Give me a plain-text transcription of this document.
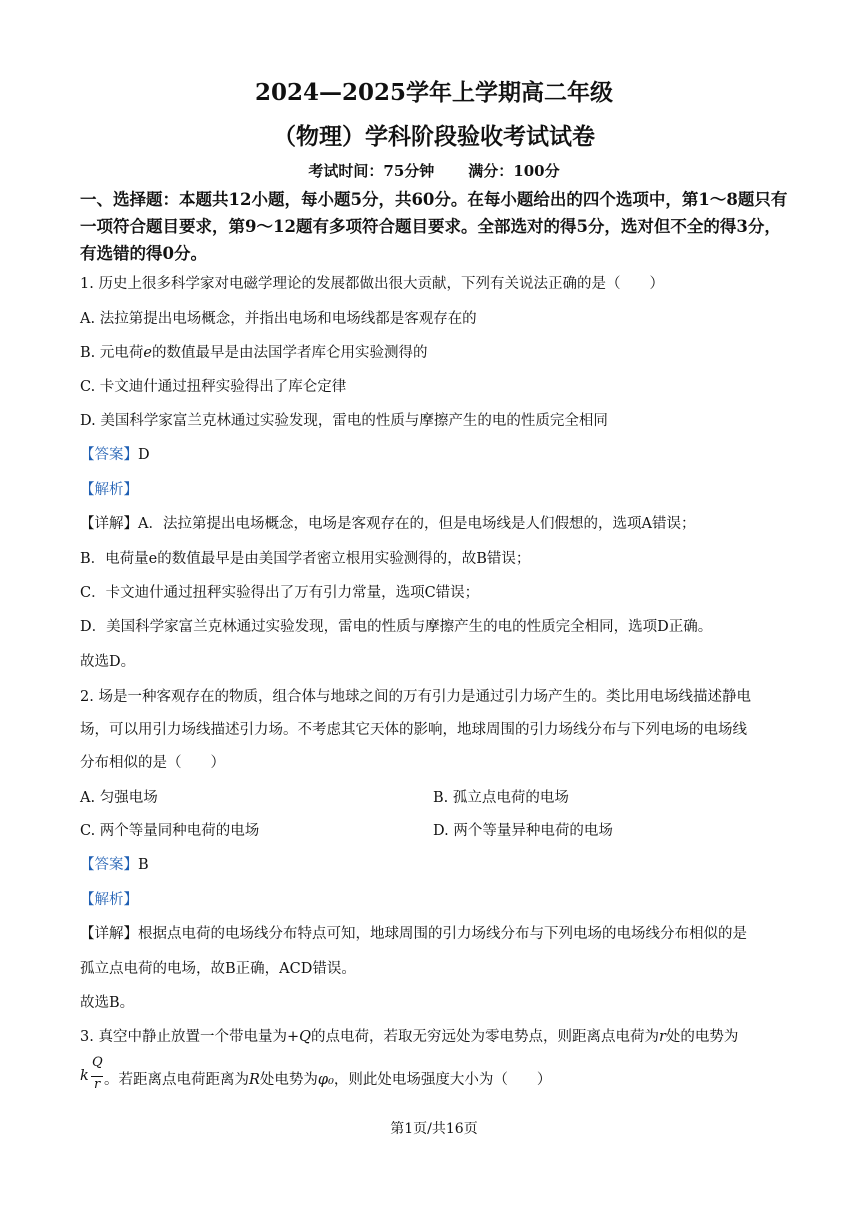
2024—2025学年上学期高二年级
（物理）学科阶段验收考试试卷
考试时间：75分钟 满分：100分
一、选择题：本题共12小题，每小题5分，共60分。在每小题给出的四个选项中，第1～8题只有一项符合题目要求，第9～12题有多项符合题目要求。全部选对的得5分，选对但不全的得3分，有选错的得0分。
1. 历史上很多科学家对电磁学理论的发展都做出很大贡献，下列有关说法正确的是（　　）
A. 法拉第提出电场概念，并指出电场和电场线都是客观存在的
B. 元电荷e的数值最早是由法国学者库仑用实验测得的
C. 卡文迪什通过扭秤实验得出了库仑定律
D. 美国科学家富兰克林通过实验发现，雷电的性质与摩擦产生的电的性质完全相同
【答案】D
【解析】
【详解】A．法拉第提出电场概念，电场是客观存在的，但是电场线是人们假想的，选项A错误；
B．电荷量e的数值最早是由美国学者密立根用实验测得的，故B错误；
C．卡文迪什通过扭秤实验得出了万有引力常量，选项C错误；
D．美国科学家富兰克林通过实验发现，雷电的性质与摩擦产生的电的性质完全相同，选项D正确。
故选D。
2. 场是一种客观存在的物质，组合体与地球之间的万有引力是通过引力场产生的。类比用电场线描述静电
场，可以用引力场线描述引力场。不考虑其它天体的影响，地球周围的引力场线分布与下列电场的电场线
分布相似的是（　　）
A. 匀强电场	B. 孤立点电荷的电场
C. 两个等量同种电荷的电场	D. 两个等量异种电荷的电场
【答案】B
【解析】
【详解】根据点电荷的电场线分布特点可知，地球周围的引力场线分布与下列电场的电场线分布相似的是
孤立点电荷的电场，故B正确，ACD错误。
故选B。
3. 真空中静止放置一个带电量为+Q的点电荷，若取无穷远处为零电势点，则距离点电荷为r处的电势为
k
Q
r 。若距离点电荷距离为R处电势为φ₀，则此处电场强度大小为（　　）
第1页/共16页
